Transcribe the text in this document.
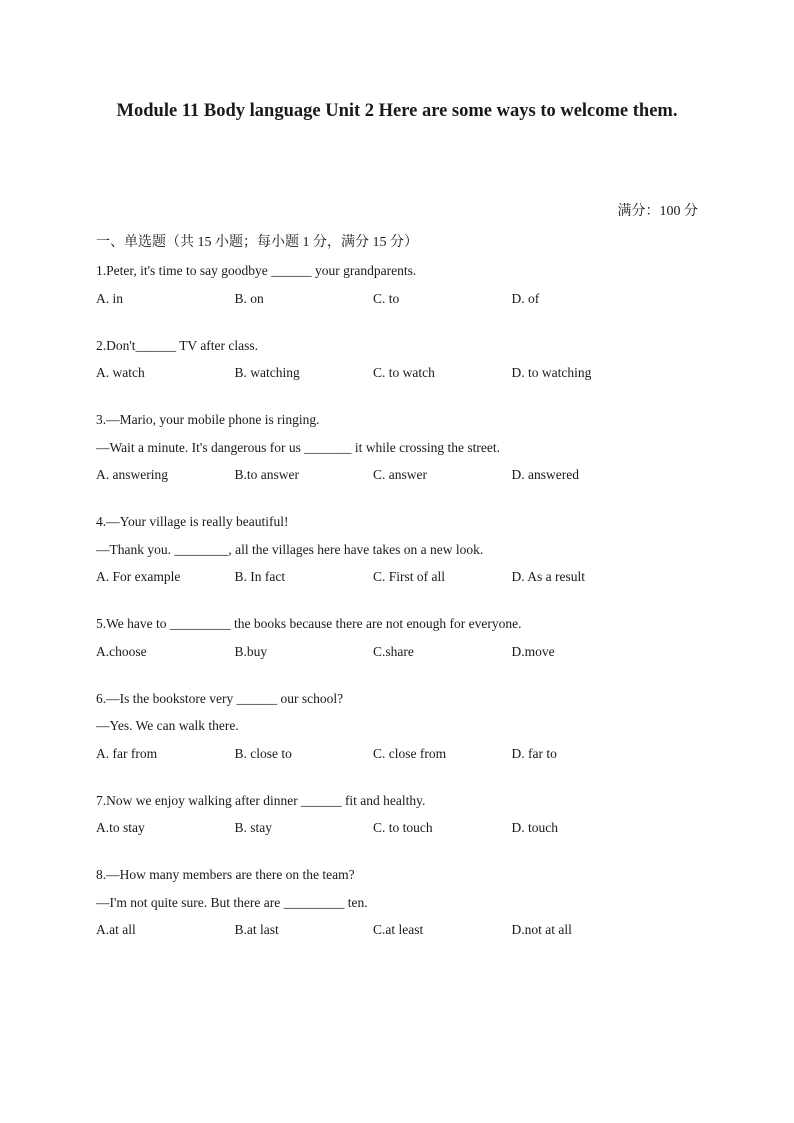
Module 11 Body language Unit 2 Here are some ways to welcome them.
满分：100 分
一、单选题（共 15 小题；每小题 1 分，满分 15 分）
1.Peter, it's time to say goodbye ______ your grandparents.
A. in	B. on	C. to	D. of
2.Don't______ TV after class.
A. watch	B. watching	C. to watch	D. to watching
3.—Mario, your mobile phone is ringing.
—Wait a minute. It's dangerous for us _______ it while crossing the street.
A. answering	B.to answer	C. answer	D. answered
4.—Your village is really beautiful!
—Thank you. ________, all the villages here have takes on a new look.
A. For example	B. In fact	C. First of all	D. As a result
5.We have to _________ the books because there are not enough for everyone.
A.choose	B.buy	C.share	D.move
6.—Is the bookstore very ______ our school?
—Yes. We can walk there.
A. far from	B. close to	C. close from	D. far to
7.Now we enjoy walking after dinner ______ fit and healthy.
A.to stay	B. stay	C. to touch	D. touch
8.—How many members are there on the team?
—I'm not quite sure. But there are _________ ten.
A.at all	B.at last	C.at least	D.not at all
